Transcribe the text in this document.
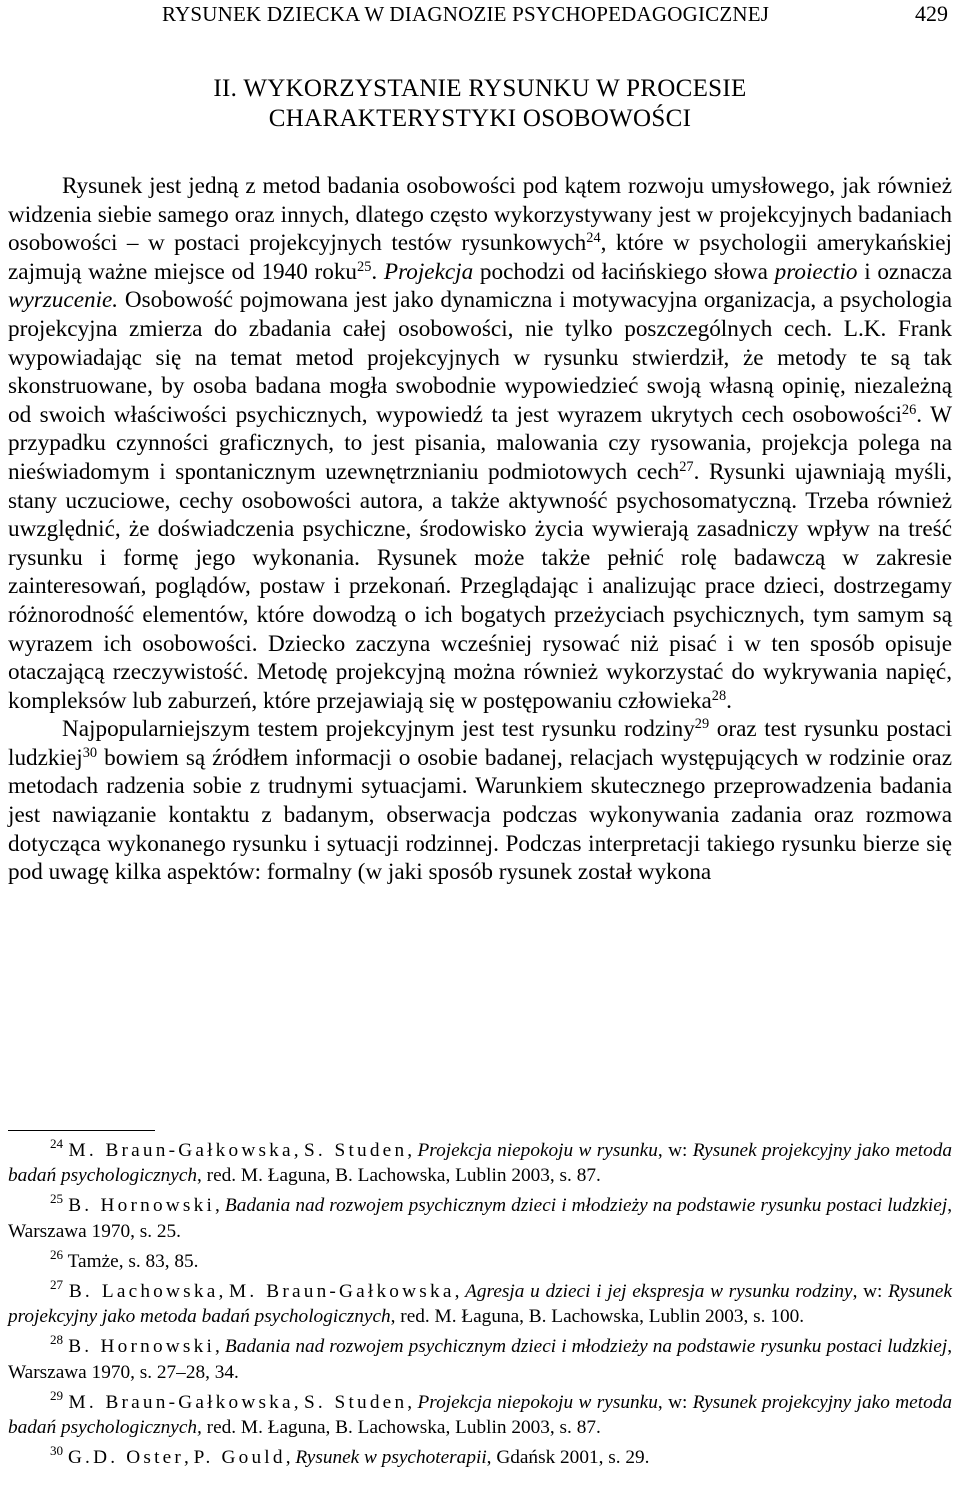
RYSUNEK DZIECKA W DIAGNOZIE PSYCHOPEDAGOGICZNEJ	429
II. WYKORZYSTANIE RYSUNKU W PROCESIE
CHARAKTERYSTYKI OSOBOWOŚCI

Rysunek jest jedną z metod badania osobowości pod kątem rozwoju umysłowego, jak również widzenia siebie samego oraz innych, dlatego często wykorzystywany jest w projekcyjnych badaniach osobowości – w postaci projekcyjnych testów rysunkowych$^{24}$, które w psychologii amerykańskiej zajmują ważne miejsce od 1940 roku$^{25}$. Projekcja pochodzi od łacińskiego słowa proiectio i oznacza wyrzucenie. Osobowość pojmowana jest jako dynamiczna i motywacyjna organizacja, a psychologia projekcyjna zmierza do zbadania całej osobowości, nie tylko poszczególnych cech. L.K. Frank wypowiadając się na temat metod projekcyjnych w rysunku stwierdził, że metody te są tak skonstruowane, by osoba badana mogła swobodnie wypowiedzieć swoją własną opinię, niezależną od swoich właściwości psychicznych, wypowiedź ta jest wyrazem ukrytych cech osobowości$^{26}$. W przypadku czynności graficznych, to jest pisania, malowania czy rysowania, projekcja polega na nieświadomym i spontanicznym uzewnętrznianiu podmiotowych cech$^{27}$. Rysunki ujawniają myśli, stany uczuciowe, cechy osobowości autora, a także aktywność psychosomatyczną. Trzeba również uwzględnić, że doświadczenia psychiczne, środowisko życia wywierają zasadniczy wpływ na treść rysunku i formę jego wykonania. Rysunek może także pełnić rolę badawczą w zakresie zainteresowań, poglądów, postaw i przekonań. Przeglądając i analizując prace dzieci, dostrzegamy różnorodność elementów, które dowodzą o ich bogatych przeżyciach psychicznych, tym samym są wyrazem ich osobowości. Dziecko zaczyna wcześniej rysować niż pisać i w ten sposób opisuje otaczającą rzeczywistość. Metodę projekcyjną można również wykorzystać do wykrywania napięć, kompleksów lub zaburzeń, które przejawiają się w postępowaniu człowieka$^{28}$.

Najpopularniejszym testem projekcyjnym jest test rysunku rodziny$^{29}$ oraz test rysunku postaci ludzkiej$^{30}$ bowiem są źródłem informacji o osobie badanej, relacjach występujących w rodzinie oraz metodach radzenia sobie z trudnymi sytuacjami. Warunkiem skutecznego przeprowadzenia badania jest nawiązanie kontaktu z badanym, obserwacja podczas wykonywania zadania oraz rozmowa dotycząca wykonanego rysunku i sytuacji rodzinnej. Podczas interpretacji takiego rysunku bierze się pod uwagę kilka aspektów: formalny (w jaki sposób rysunek został wykona

$^{24}$ M. Braun-Gałkowska, S. Studen, Projekcja niepokoju w rysunku, w: Rysunek projekcyjny jako metoda badań psychologicznych, red. M. Łaguna, B. Lachowska, Lublin 2003, s. 87.

$^{25}$ B. Hornowski, Badania nad rozwojem psychicznym dzieci i młodzieży na podstawie rysunku postaci ludzkiej, Warszawa 1970, s. 25.

$^{26}$ Tamże, s. 83, 85.

$^{27}$ B. Lachowska, M. Braun-Gałkowska, Agresja u dzieci i jej ekspresja w rysunku rodziny, w: Rysunek projekcyjny jako metoda badań psychologicznych, red. M. Łaguna, B. Lachowska, Lublin 2003, s. 100.

$^{28}$ B. Hornowski, Badania nad rozwojem psychicznym dzieci i młodzieży na podstawie rysunku postaci ludzkiej, Warszawa 1970, s. 27–28, 34.

$^{29}$ M. Braun-Gałkowska, S. Studen, Projekcja niepokoju w rysunku, w: Rysunek projekcyjny jako metoda badań psychologicznych, red. M. Łaguna, B. Lachowska, Lublin 2003, s. 87.

$^{30}$ G.D. Oster, P. Gould, Rysunek w psychoterapii, Gdańsk 2001, s. 29.
